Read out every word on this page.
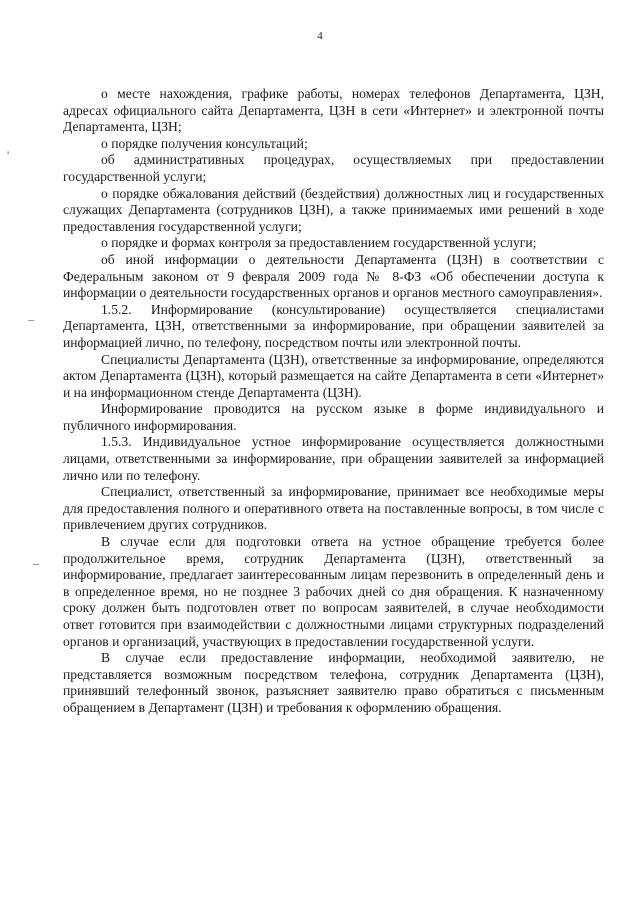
4
'
–
–

о месте нахождения, графике работы, номерах телефонов Департамента, ЦЗН, адресах официального сайта Департамента, ЦЗН в сети «Интернет» и электронной почты Департамента, ЦЗН;

о порядке получения консультаций;

об административных процедурах, осуществляемых при предоставлении государственной услуги;

о порядке обжалования действий (бездействия) должностных лиц и государственных служащих Департамента (сотрудников ЦЗН), а также принимаемых ими решений в ходе предоставления государственной услуги;

о порядке и формах контроля за предоставлением государственной услуги;

об иной информации о деятельности Департамента (ЦЗН) в соответствии с Федеральным законом от 9 февраля 2009 года № 8-ФЗ «Об обеспечении доступа к информации о деятельности государственных органов и органов местного самоуправления».

1.5.2. Информирование (консультирование) осуществляется специалистами Департамента, ЦЗН, ответственными за информирование, при обращении заявителей за информацией лично, по телефону, посредством почты или электронной почты.

Специалисты Департамента (ЦЗН), ответственные за информирование, определяются актом Департамента (ЦЗН), который размещается на сайте Департамента в сети «Интернет» и на информационном стенде Департамента (ЦЗН).

Информирование проводится на русском языке в форме индивидуального и публичного информирования.

1.5.3. Индивидуальное устное информирование осуществляется должностными лицами, ответственными за информирование, при обращении заявителей за информацией лично или по телефону.

Специалист, ответственный за информирование, принимает все необходимые меры для предоставления полного и оперативного ответа на поставленные вопросы, в том числе с привлечением других сотрудников.

В случае если для подготовки ответа на устное обращение требуется более продолжительное время, сотрудник Департамента (ЦЗН), ответственный за информирование, предлагает заинтересованным лицам перезвонить в определенный день и в определенное время, но не позднее 3 рабочих дней со дня обращения. К назначенному сроку должен быть подготовлен ответ по вопросам заявителей, в случае необходимости ответ готовится при взаимодействии с должностными лицами структурных подразделений органов и организаций, участвующих в предоставлении государственной услуги.

В случае если предоставление информации, необходимой заявителю, не представляется возможным посредством телефона, сотрудник Департамента (ЦЗН), принявший телефонный звонок, разъясняет заявителю право обратиться с письменным обращением в Департамент (ЦЗН) и требования к оформлению обращения.
